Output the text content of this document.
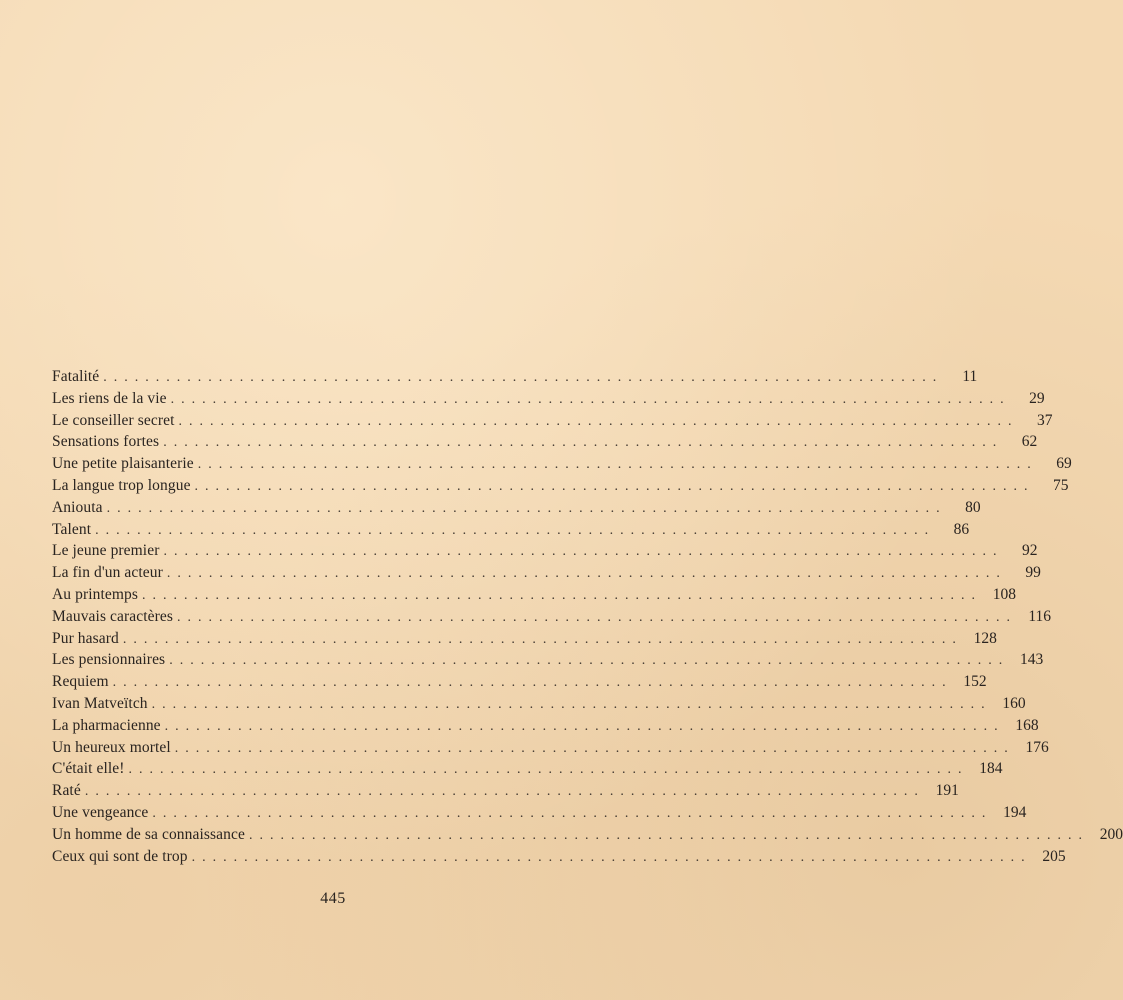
Fatalité ................................................................................	11
Les riens de la vie ................................................................................	29
Le conseiller secret ................................................................................	37
Sensations fortes ................................................................................	62
Une petite plaisanterie ................................................................................	69
La langue trop longue ................................................................................	75
Aniouta ................................................................................	80
Talent ................................................................................	86
Le jeune premier ................................................................................	92
La fin d'un acteur ................................................................................	99
Au printemps ................................................................................ 108
Mauvais caractères ................................................................................ 116
Pur hasard ................................................................................ 128
Les pensionnaires ................................................................................ 143
Requiem ................................................................................ 152
Ivan Matveïtch ................................................................................ 160
La pharmacienne ................................................................................ 168
Un heureux mortel ................................................................................ 176
C'était elle! ................................................................................ 184
Raté ................................................................................ 191
Une vengeance ................................................................................ 194
Un homme de sa connaissance ................................................................................ 200
Ceux qui sont de trop ................................................................................ 205
445
